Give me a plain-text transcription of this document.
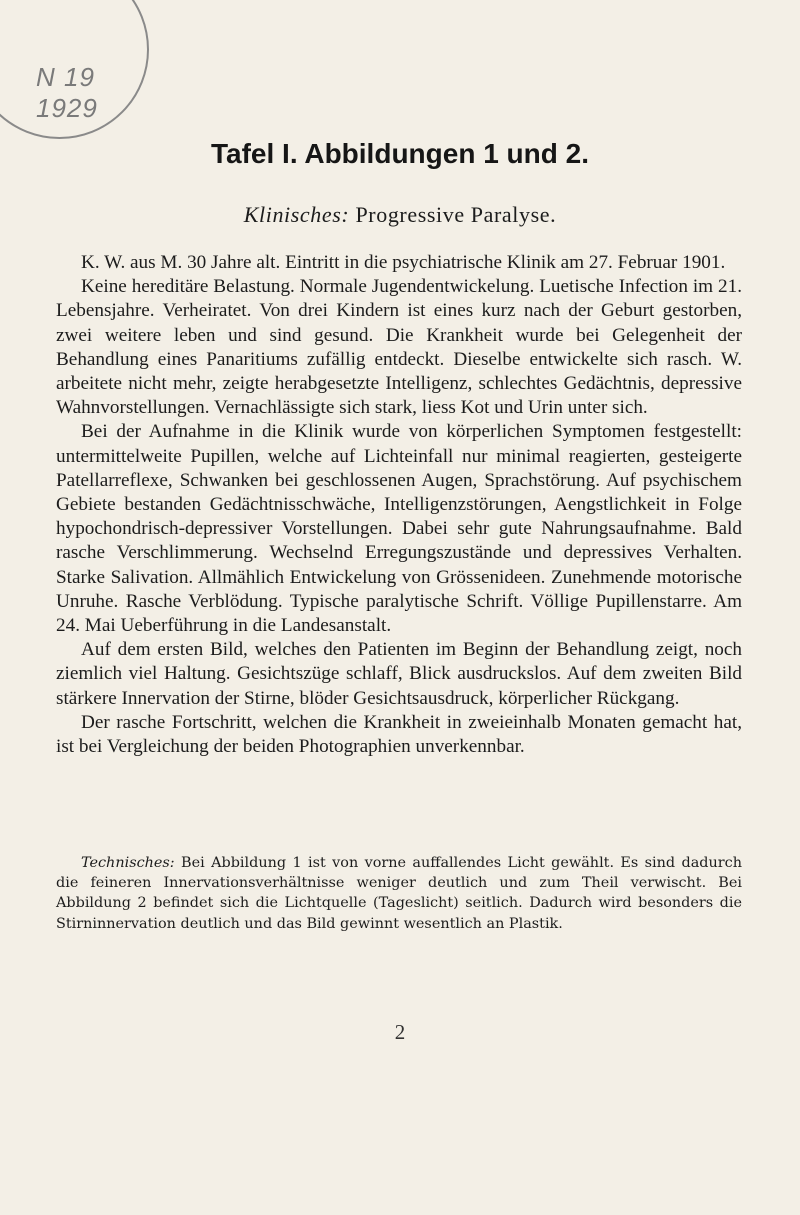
N 19 1929
Tafel I. Abbildungen 1 und 2.
Klinisches: Progressive Paralyse.

K. W. aus M. 30 Jahre alt. Eintritt in die psychiatrische Klinik am 27. Februar 1901.

Keine hereditäre Belastung. Normale Jugendentwickelung. Luetische Infection im 21. Lebensjahre. Verheiratet. Von drei Kindern ist eines kurz nach der Geburt gestorben, zwei weitere leben und sind gesund. Die Krankheit wurde bei Gelegenheit der Behandlung eines Panaritiums zufällig entdeckt. Dieselbe entwickelte sich rasch. W. arbeitete nicht mehr, zeigte herabgesetzte Intelligenz, schlechtes Gedächtnis, depressive Wahnvorstellungen. Vernachlässigte sich stark, liess Kot und Urin unter sich.

Bei der Aufnahme in die Klinik wurde von körperlichen Symptomen festgestellt: untermittelweite Pupillen, welche auf Lichteinfall nur minimal reagierten, gesteigerte Patellarreflexe, Schwanken bei geschlossenen Augen, Sprachstörung. Auf psychischem Gebiete bestanden Gedächtnisschwäche, Intelligenzstörungen, Aengstlichkeit in Folge hypochondrisch-depressiver Vorstellungen. Dabei sehr gute Nahrungsaufnahme. Bald rasche Verschlimmerung. Wechselnd Erregungszustände und depressives Verhalten. Starke Salivation. Allmählich Entwickelung von Grössenideen. Zunehmende motorische Unruhe. Rasche Verblödung. Typische paralytische Schrift. Völlige Pupillenstarre. Am 24. Mai Ueberführung in die Landesanstalt.

Auf dem ersten Bild, welches den Patienten im Beginn der Behandlung zeigt, noch ziemlich viel Haltung. Gesichtszüge schlaff, Blick ausdruckslos. Auf dem zweiten Bild stärkere Innervation der Stirne, blöder Gesichtsausdruck, körperlicher Rückgang.

Der rasche Fortschritt, welchen die Krankheit in zweieinhalb Monaten gemacht hat, ist bei Vergleichung der beiden Photographien unverkennbar.

Technisches: Bei Abbildung 1 ist von vorne auffallendes Licht gewählt. Es sind dadurch die feineren Innervationsverhältnisse weniger deutlich und zum Theil verwischt. Bei Abbildung 2 befindet sich die Lichtquelle (Tageslicht) seitlich. Dadurch wird besonders die Stirninnervation deutlich und das Bild gewinnt wesentlich an Plastik.

2
